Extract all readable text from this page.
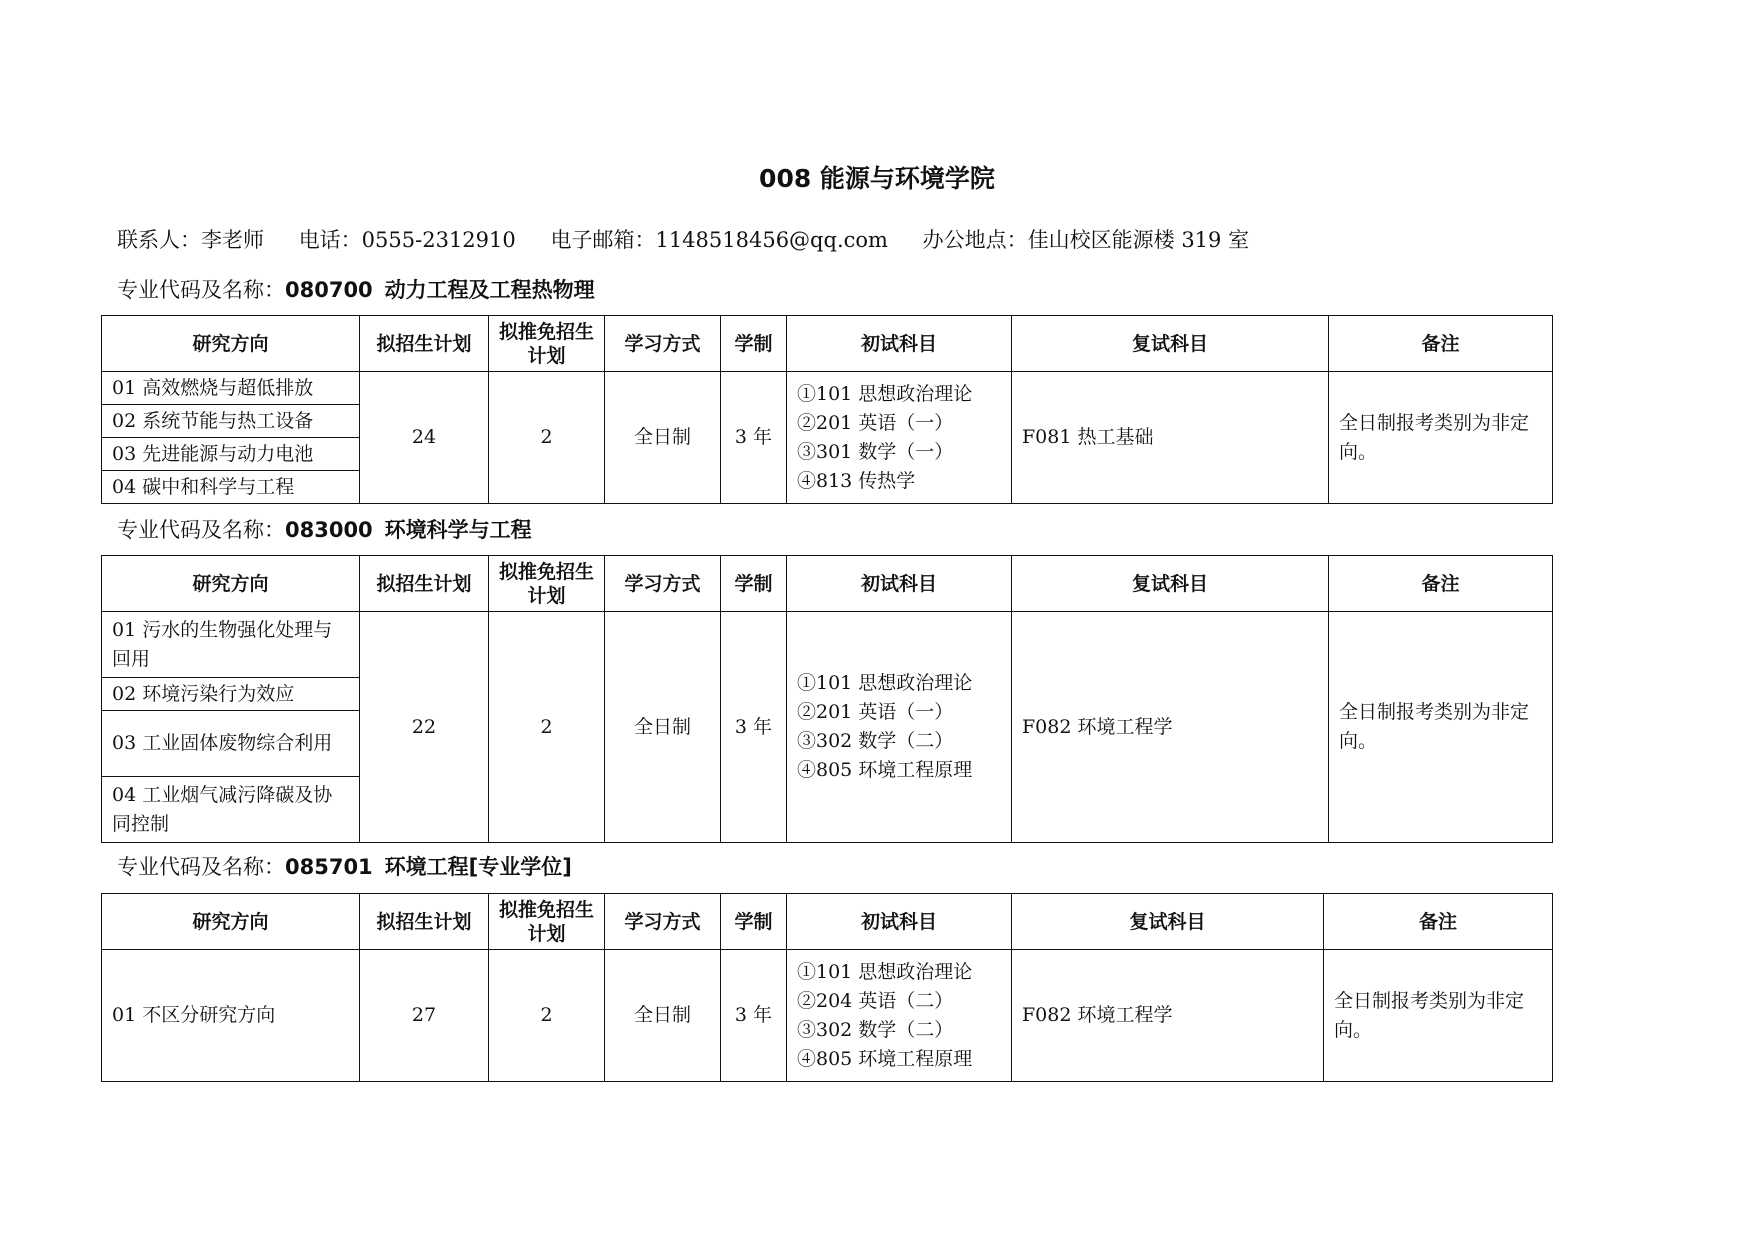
008 能源与环境学院
联系人：李老师 电话：0555-2312910 电子邮箱：1148518456@qq.com 办公地点：佳山校区能源楼 319 室
专业代码及名称：080700 动力工程及工程热物理
研究方向	拟招生计划	拟推免招生计划	学习方式	学制	初试科目	复试科目	备注
01 高效燃烧与超低排放	24	2	全日制	3 年	①101 思想政治理论
②201 英语（一）
③301 数学（一）
④813 传热学	F081 热工基础	全日制报考类别为非定向。
02 系统节能与热工设备							
03 先进能源与动力电池							
04 碳中和科学与工程							
专业代码及名称：083000 环境科学与工程
研究方向	拟招生计划	拟推免招生计划	学习方式	学制	初试科目	复试科目	备注
01 污水的生物强化处理与回用	22	2	全日制	3 年	①101 思想政治理论
②201 英语（一）
③302 数学（二）
④805 环境工程原理	F082 环境工程学	全日制报考类别为非定向。
02 环境污染行为效应							
03 工业固体废物综合利用							
04 工业烟气减污降碳及协同控制							
专业代码及名称：085701 环境工程[专业学位]
研究方向	拟招生计划	拟推免招生计划	学习方式	学制	初试科目	复试科目	备注
01 不区分研究方向	27	2	全日制	3 年	①101 思想政治理论
②204 英语（二）
③302 数学（二）
④805 环境工程原理	F082 环境工程学	全日制报考类别为非定向。
